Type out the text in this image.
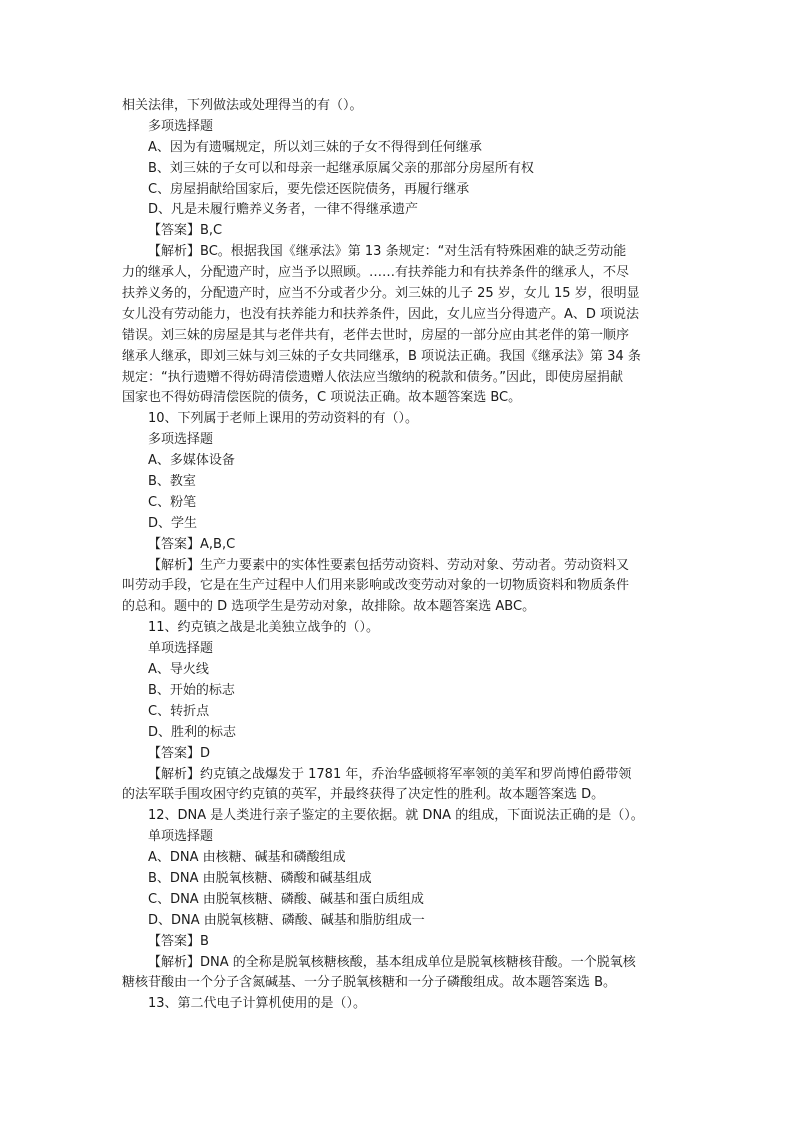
相关法律，下列做法或处理得当的有（）。
多项选择题
A、因为有遗嘱规定，所以刘三妹的子女不得得到任何继承
B、刘三妹的子女可以和母亲一起继承原属父亲的那部分房屋所有权
C、房屋捐献给国家后，要先偿还医院债务，再履行继承
D、凡是未履行赡养义务者，一律不得继承遗产
【答案】B,C
【解析】BC。根据我国《继承法》第 13 条规定：“对生活有特殊困难的缺乏劳动能
力的继承人，分配遗产时，应当予以照顾。……有扶养能力和有扶养条件的继承人，不尽
扶养义务的，分配遗产时，应当不分或者少分。刘三妹的儿子 25 岁，女儿 15 岁，很明显
女儿没有劳动能力，也没有扶养能力和扶养条件，因此，女儿应当分得遗产。A、D 项说法
错误。刘三妹的房屋是其与老伴共有，老伴去世时，房屋的一部分应由其老伴的第一顺序
继承人继承，即刘三妹与刘三妹的子女共同继承，B 项说法正确。我国《继承法》第 34 条
规定：“执行遗赠不得妨碍清偿遗赠人依法应当缴纳的税款和债务。”因此，即使房屋捐献
国家也不得妨碍清偿医院的债务，C 项说法正确。故本题答案选 BC。
10、下列属于老师上课用的劳动资料的有（）。
多项选择题
A、多媒体设备
B、教室
C、粉笔
D、学生
【答案】A,B,C
【解析】生产力要素中的实体性要素包括劳动资料、劳动对象、劳动者。劳动资料又
叫劳动手段，它是在生产过程中人们用来影响或改变劳动对象的一切物质资料和物质条件
的总和。题中的 D 选项学生是劳动对象，故排除。故本题答案选 ABC。
11、约克镇之战是北美独立战争的（）。
单项选择题
A、导火线
B、开始的标志
C、转折点
D、胜利的标志
【答案】D
【解析】约克镇之战爆发于 1781 年，乔治华盛顿将军率领的美军和罗尚博伯爵带领
的法军联手围攻困守约克镇的英军，并最终获得了决定性的胜利。故本题答案选 D。
12、DNA 是人类进行亲子鉴定的主要依据。就 DNA 的组成，下面说法正确的是（）。
单项选择题
A、DNA 由核糖、碱基和磷酸组成
B、DNA 由脱氧核糖、磷酸和碱基组成
C、DNA 由脱氧核糖、磷酸、碱基和蛋白质组成
D、DNA 由脱氧核糖、磷酸、碱基和脂肪组成一
【答案】B
【解析】DNA 的全称是脱氧核糖核酸，基本组成单位是脱氧核糖核苷酸。一个脱氧核
糖核苷酸由一个分子含氮碱基、一分子脱氧核糖和一分子磷酸组成。故本题答案选 B。
13、第二代电子计算机使用的是（）。
